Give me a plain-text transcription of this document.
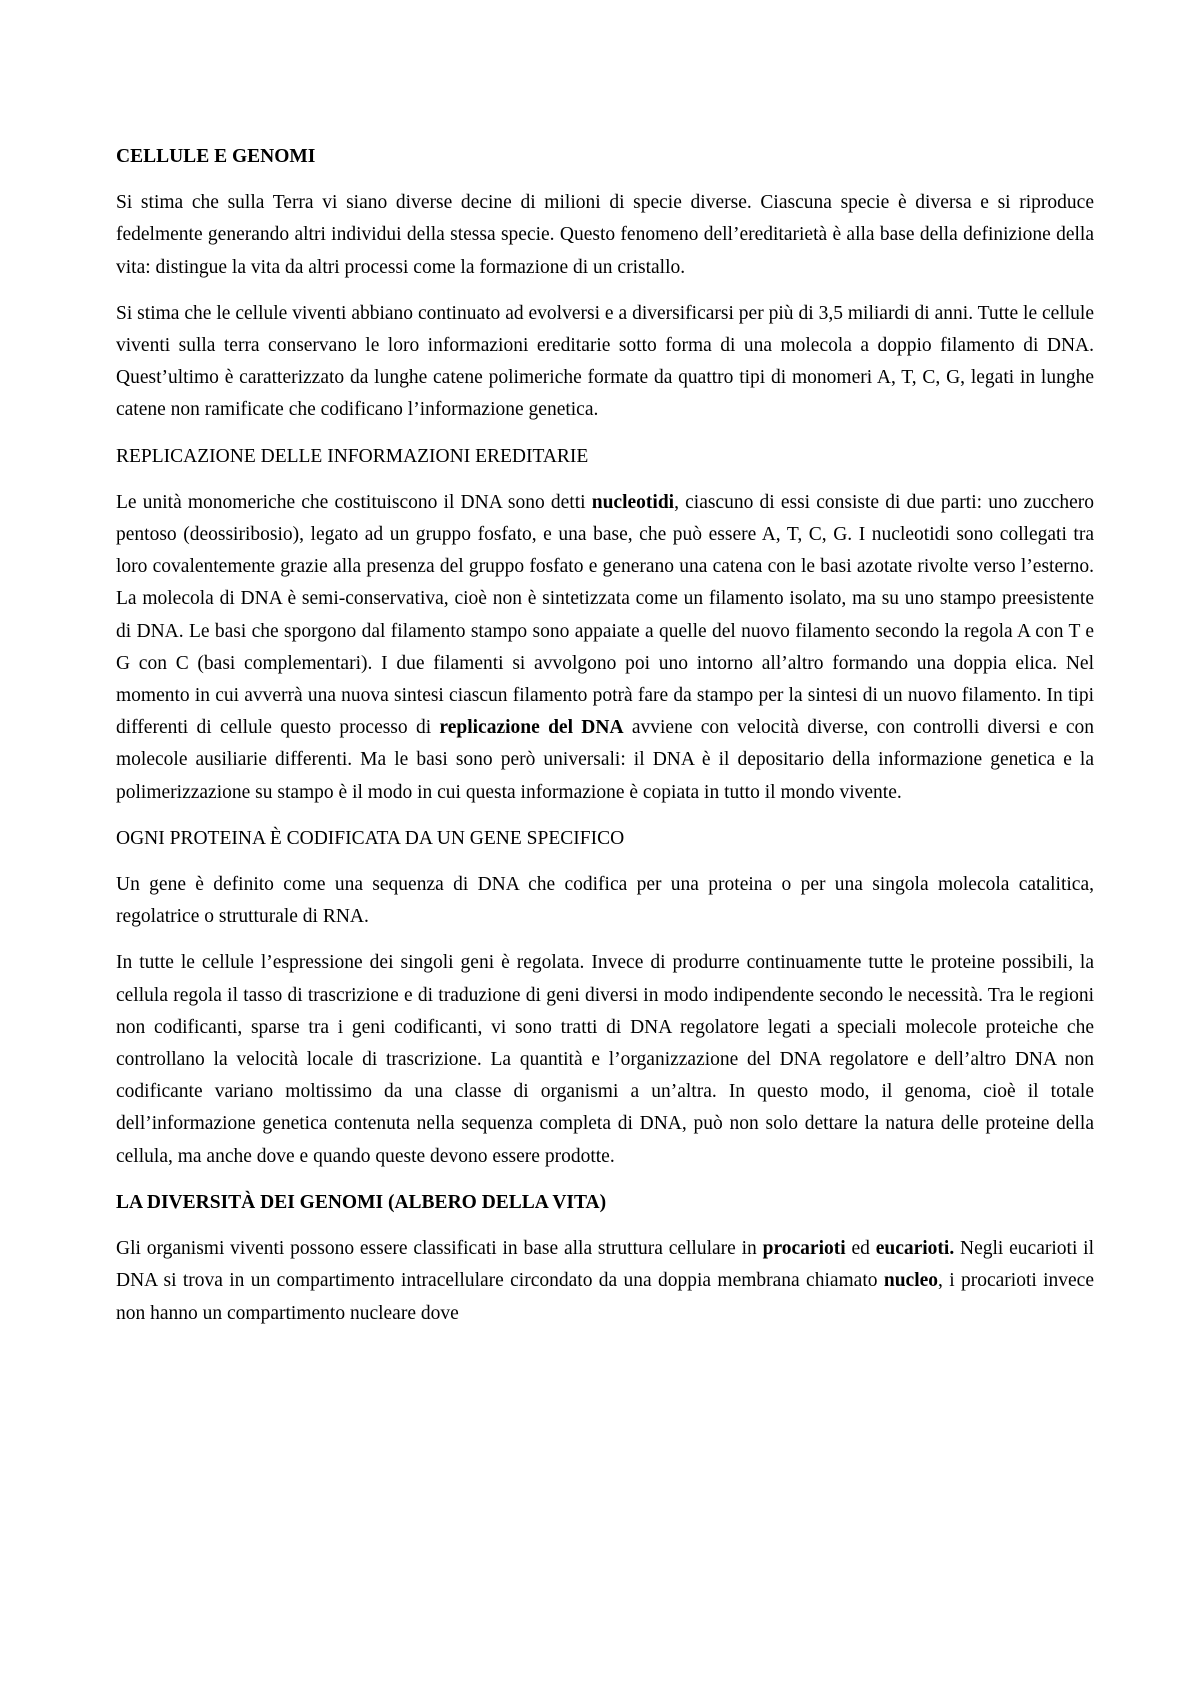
CELLULE E GENOMI

Si stima che sulla Terra vi siano diverse decine di milioni di specie diverse. Ciascuna specie è diversa e si riproduce fedelmente generando altri individui della stessa specie. Questo fenomeno dell’ereditarietà è alla base della definizione della vita: distingue la vita da altri processi come la formazione di un cristallo.

Si stima che le cellule viventi abbiano continuato ad evolversi e a diversificarsi per più di 3,5 miliardi di anni. Tutte le cellule viventi sulla terra conservano le loro informazioni ereditarie sotto forma di una molecola a doppio filamento di DNA. Quest’ultimo è caratterizzato da lunghe catene polimeriche formate da quattro tipi di monomeri A, T, C, G, legati in lunghe catene non ramificate che codificano l’informazione genetica.

REPLICAZIONE DELLE INFORMAZIONI EREDITARIE

Le unità monomeriche che costituiscono il DNA sono detti nucleotidi, ciascuno di essi consiste di due parti: uno zucchero pentoso (deossiribosio), legato ad un gruppo fosfato, e una base, che può essere A, T, C, G. I nucleotidi sono collegati tra loro covalentemente grazie alla presenza del gruppo fosfato e generano una catena con le basi azotate rivolte verso l’esterno. La molecola di DNA è semi-conservativa, cioè non è sintetizzata come un filamento isolato, ma su uno stampo preesistente di DNA. Le basi che sporgono dal filamento stampo sono appaiate a quelle del nuovo filamento secondo la regola A con T e G con C (basi complementari). I due filamenti si avvolgono poi uno intorno all’altro formando una doppia elica. Nel momento in cui avverrà una nuova sintesi ciascun filamento potrà fare da stampo per la sintesi di un nuovo filamento. In tipi differenti di cellule questo processo di replicazione del DNA avviene con velocità diverse, con controlli diversi e con molecole ausiliarie differenti. Ma le basi sono però universali: il DNA è il depositario della informazione genetica e la polimerizzazione su stampo è il modo in cui questa informazione è copiata in tutto il mondo vivente.

OGNI PROTEINA È CODIFICATA DA UN GENE SPECIFICO

Un gene è definito come una sequenza di DNA che codifica per una proteina o per una singola molecola catalitica, regolatrice o strutturale di RNA.

In tutte le cellule l’espressione dei singoli geni è regolata. Invece di produrre continuamente tutte le proteine possibili, la cellula regola il tasso di trascrizione e di traduzione di geni diversi in modo indipendente secondo le necessità. Tra le regioni non codificanti, sparse tra i geni codificanti, vi sono tratti di DNA regolatore legati a speciali molecole proteiche che controllano la velocità locale di trascrizione. La quantità e l’organizzazione del DNA regolatore e dell’altro DNA non codificante variano moltissimo da una classe di organismi a un’altra. In questo modo, il genoma, cioè il totale dell’informazione genetica contenuta nella sequenza completa di DNA, può non solo dettare la natura delle proteine della cellula, ma anche dove e quando queste devono essere prodotte.

LA DIVERSITÀ DEI GENOMI (ALBERO DELLA VITA)

Gli organismi viventi possono essere classificati in base alla struttura cellulare in procarioti ed eucarioti. Negli eucarioti il DNA si trova in un compartimento intracellulare circondato da una doppia membrana chiamato nucleo, i procarioti invece non hanno un compartimento nucleare dove
